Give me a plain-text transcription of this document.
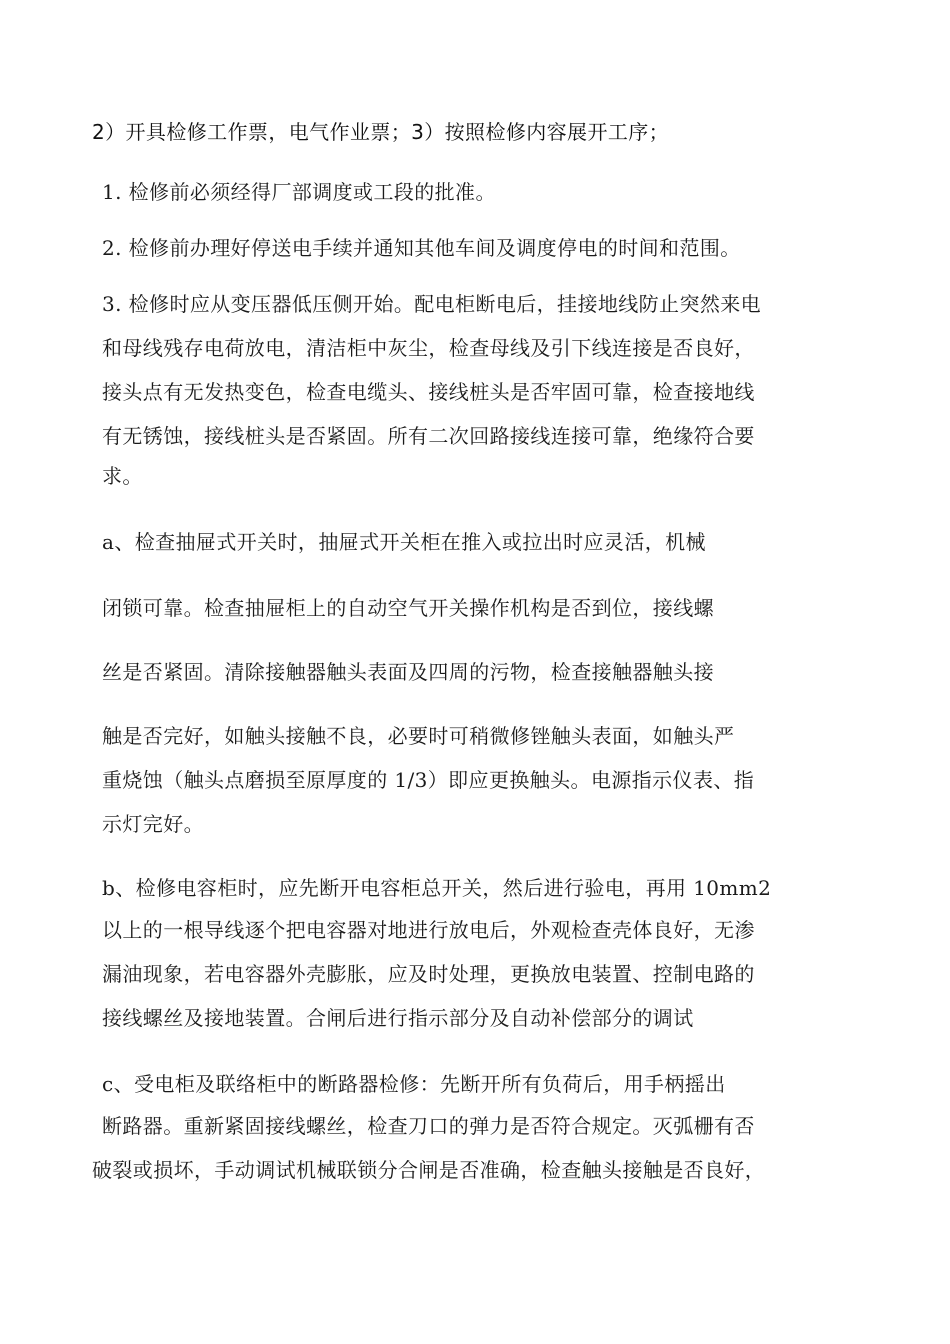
2）开具检修工作票，电气作业票；3）按照检修内容展开工序；
1. 检修前必须经得厂部调度或工段的批准。
2. 检修前办理好停送电手续并通知其他车间及调度停电的时间和范围。
3. 检修时应从变压器低压侧开始。配电柜断电后，挂接地线防止突然来电
和母线残存电荷放电，清洁柜中灰尘，检查母线及引下线连接是否良好，
接头点有无发热变色，检查电缆头、接线桩头是否牢固可靠，检查接地线
有无锈蚀，接线桩头是否紧固。所有二次回路接线连接可靠，绝缘符合要
求。
a、检查抽屉式开关时，抽屉式开关柜在推入或拉出时应灵活，机械
闭锁可靠。检查抽屉柜上的自动空气开关操作机构是否到位，接线螺
丝是否紧固。清除接触器触头表面及四周的污物，检查接触器触头接
触是否完好，如触头接触不良，必要时可稍微修锉触头表面，如触头严
重烧蚀（触头点磨损至原厚度的 1/3）即应更换触头。电源指示仪表、指
示灯完好。
b、检修电容柜时，应先断开电容柜总开关，然后进行验电，再用 10mm2
以上的一根导线逐个把电容器对地进行放电后，外观检查壳体良好，无渗
漏油现象，若电容器外壳膨胀，应及时处理，更换放电装置、控制电路的
接线螺丝及接地装置。合闸后进行指示部分及自动补偿部分的调试
c、受电柜及联络柜中的断路器检修：先断开所有负荷后，用手柄摇出
断路器。重新紧固接线螺丝，检查刀口的弹力是否符合规定。灭弧栅有否
破裂或损坏，手动调试机械联锁分合闸是否准确，检查触头接触是否良好，
